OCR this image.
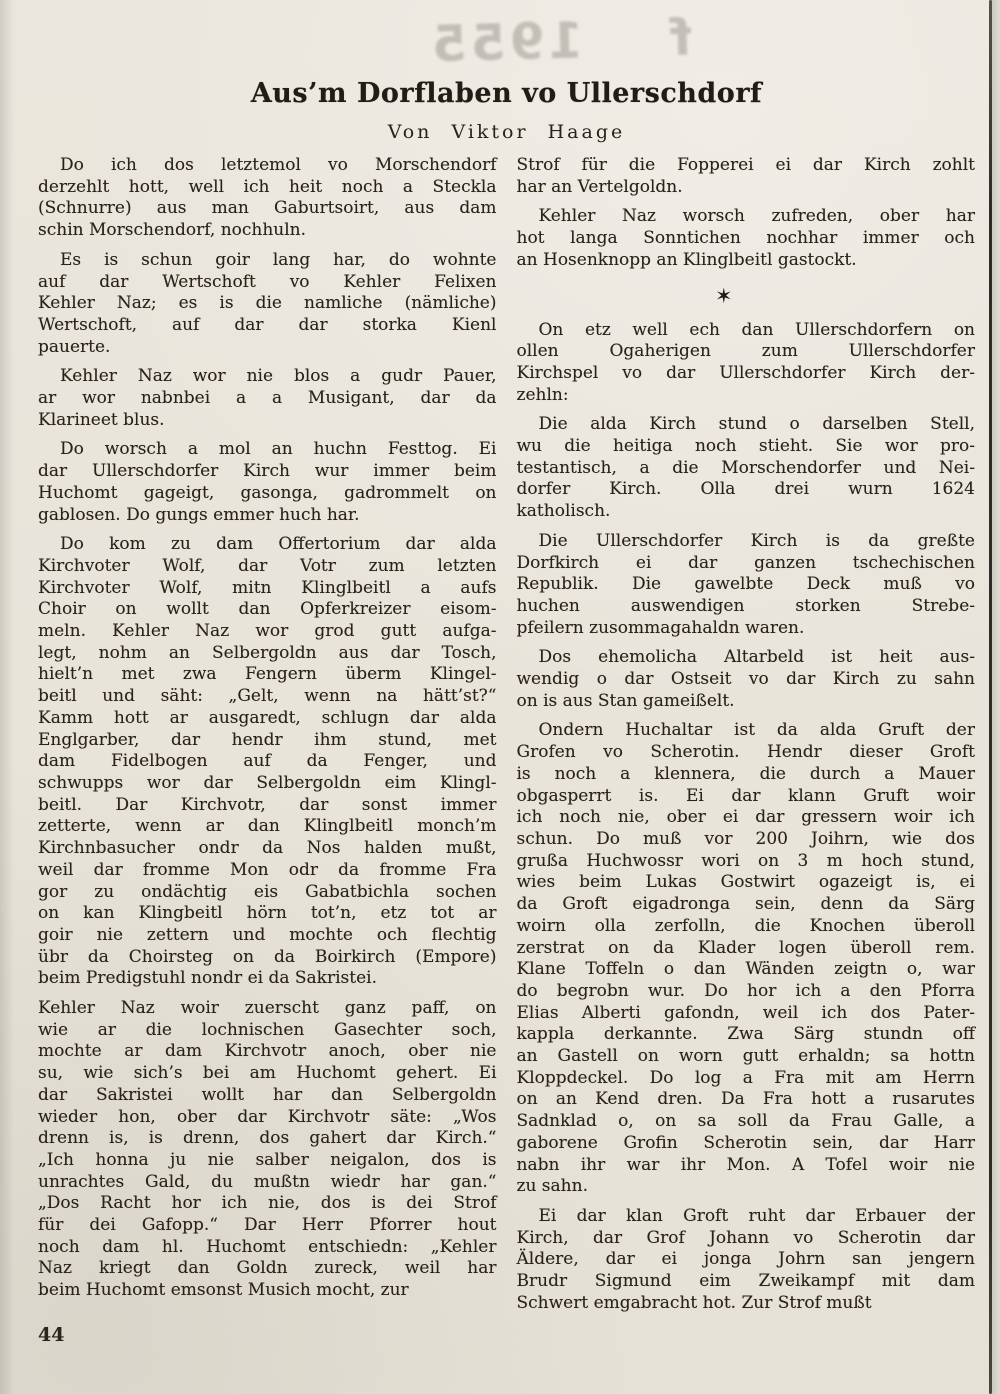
f
1955
Aus’m Dorflaben vo Ullerschdorf
Von Viktor Haage
Do ich dos letztemol vo Morschendorf
derzehlt hott, well ich heit noch a Steckla
(Schnurre) aus man Gaburtsoirt, aus dam
schin Morschendorf, nochhuln.
Es is schun goir lang har, do wohnte
auf dar Wertschoft vo Kehler Felixen
Kehler Naz; es is die namliche (nämliche)
Wertschoft, auf dar dar storka Kienl
pauerte.
Kehler Naz wor nie blos a gudr Pauer,
ar wor nabnbei a a Musigant, dar da
Klarineet blus.
Do worsch a mol an huchn Festtog. Ei
dar Ullerschdorfer Kirch wur immer beim
Huchomt gageigt, gasonga, gadrommelt on
gablosen. Do gungs emmer huch har.
Do kom zu dam Offertorium dar alda
Kirchvoter Wolf, dar Votr zum letzten
Kirchvoter Wolf, mitn Klinglbeitl a aufs
Choir on wollt dan Opferkreizer eisom-
meln. Kehler Naz wor grod gutt aufga-
legt, nohm an Selbergoldn aus dar Tosch,
hielt’n met zwa Fengern überm Klingel-
beitl und säht: „Gelt, wenn na hätt’st?“
Kamm hott ar ausgaredt, schlugn dar alda
Englgarber, dar hendr ihm stund, met
dam Fidelbogen auf da Fenger, und
schwupps wor dar Selbergoldn eim Klingl-
beitl. Dar Kirchvotr, dar sonst immer
zetterte, wenn ar dan Klinglbeitl monch’m
Kirchnbasucher ondr da Nos halden mußt,
weil dar fromme Mon odr da fromme Fra
gor zu ondächtig eis Gabatbichla sochen
on kan Klingbeitl hörn tot’n, etz tot ar
goir nie zettern und mochte och flechtig
übr da Choirsteg on da Boirkirch (Empore)
beim Predigstuhl nondr ei da Sakristei.
Kehler Naz woir zuerscht ganz paff, on
wie ar die lochnischen Gasechter soch,
mochte ar dam Kirchvotr anoch, ober nie
su, wie sich’s bei am Huchomt gehert. Ei
dar Sakristei wollt har dan Selbergoldn
wieder hon, ober dar Kirchvotr säte: „Wos
drenn is, is drenn, dos gahert dar Kirch.“
„Ich honna ju nie salber neigalon, dos is
unrachtes Gald, du mußtn wiedr har gan.“
„Dos Racht hor ich nie, dos is dei Strof
für dei Gafopp.“ Dar Herr Pforrer hout
noch dam hl. Huchomt entschiedn: „Kehler
Naz kriegt dan Goldn zureck, weil har
beim Huchomt emsonst Musich mocht, zur
Strof für die Fopperei ei dar Kirch zohlt
har an Vertelgoldn.
Kehler Naz worsch zufreden, ober har
hot langa Sonntichen nochhar immer och
an Hosenknopp an Klinglbeitl gastockt.
✶
On etz well ech dan Ullerschdorfern on
ollen Ogaherigen zum Ullerschdorfer
Kirchspel vo dar Ullerschdorfer Kirch der-
zehln:
Die alda Kirch stund o darselben Stell,
wu die heitiga noch stieht. Sie wor pro-
testantisch, a die Morschendorfer und Nei-
dorfer Kirch. Olla drei wurn 1624
katholisch.
Die Ullerschdorfer Kirch is da greßte
Dorfkirch ei dar ganzen tschechischen
Republik. Die gawelbte Deck muß vo
huchen auswendigen storken Strebe-
pfeilern zusommagahaldn waren.
Dos ehemolicha Altarbeld ist heit aus-
wendig o dar Ostseit vo dar Kirch zu sahn
on is aus Stan gameißelt.
Ondern Huchaltar ist da alda Gruft der
Grofen vo Scherotin. Hendr dieser Groft
is noch a klennera, die durch a Mauer
obgasperrt is. Ei dar klann Gruft woir
ich noch nie, ober ei dar gressern woir ich
schun. Do muß vor 200 Joihrn, wie dos
grußa Huchwossr wori on 3 m hoch stund,
wies beim Lukas Gostwirt ogazeigt is, ei
da Groft eigadronga sein, denn da Särg
woirn olla zerfolln, die Knochen überoll
zerstrat on da Klader logen überoll rem.
Klane Toffeln o dan Wänden zeigtn o, war
do begrobn wur. Do hor ich a den Pforra
Elias Alberti gafondn, weil ich dos Pater-
kappla derkannte. Zwa Särg stundn off
an Gastell on worn gutt erhaldn; sa hottn
Kloppdeckel. Do log a Fra mit am Herrn
on an Kend dren. Da Fra hott a rusarutes
Sadnklad o, on sa soll da Frau Galle, a
gaborene Grofin Scherotin sein, dar Harr
nabn ihr war ihr Mon. A Tofel woir nie
zu sahn.
Ei dar klan Groft ruht dar Erbauer der
Kirch, dar Grof Johann vo Scherotin dar
Äldere, dar ei jonga Johrn san jengern
Brudr Sigmund eim Zweikampf mit dam
Schwert emgabracht hot. Zur Strof mußt
44
